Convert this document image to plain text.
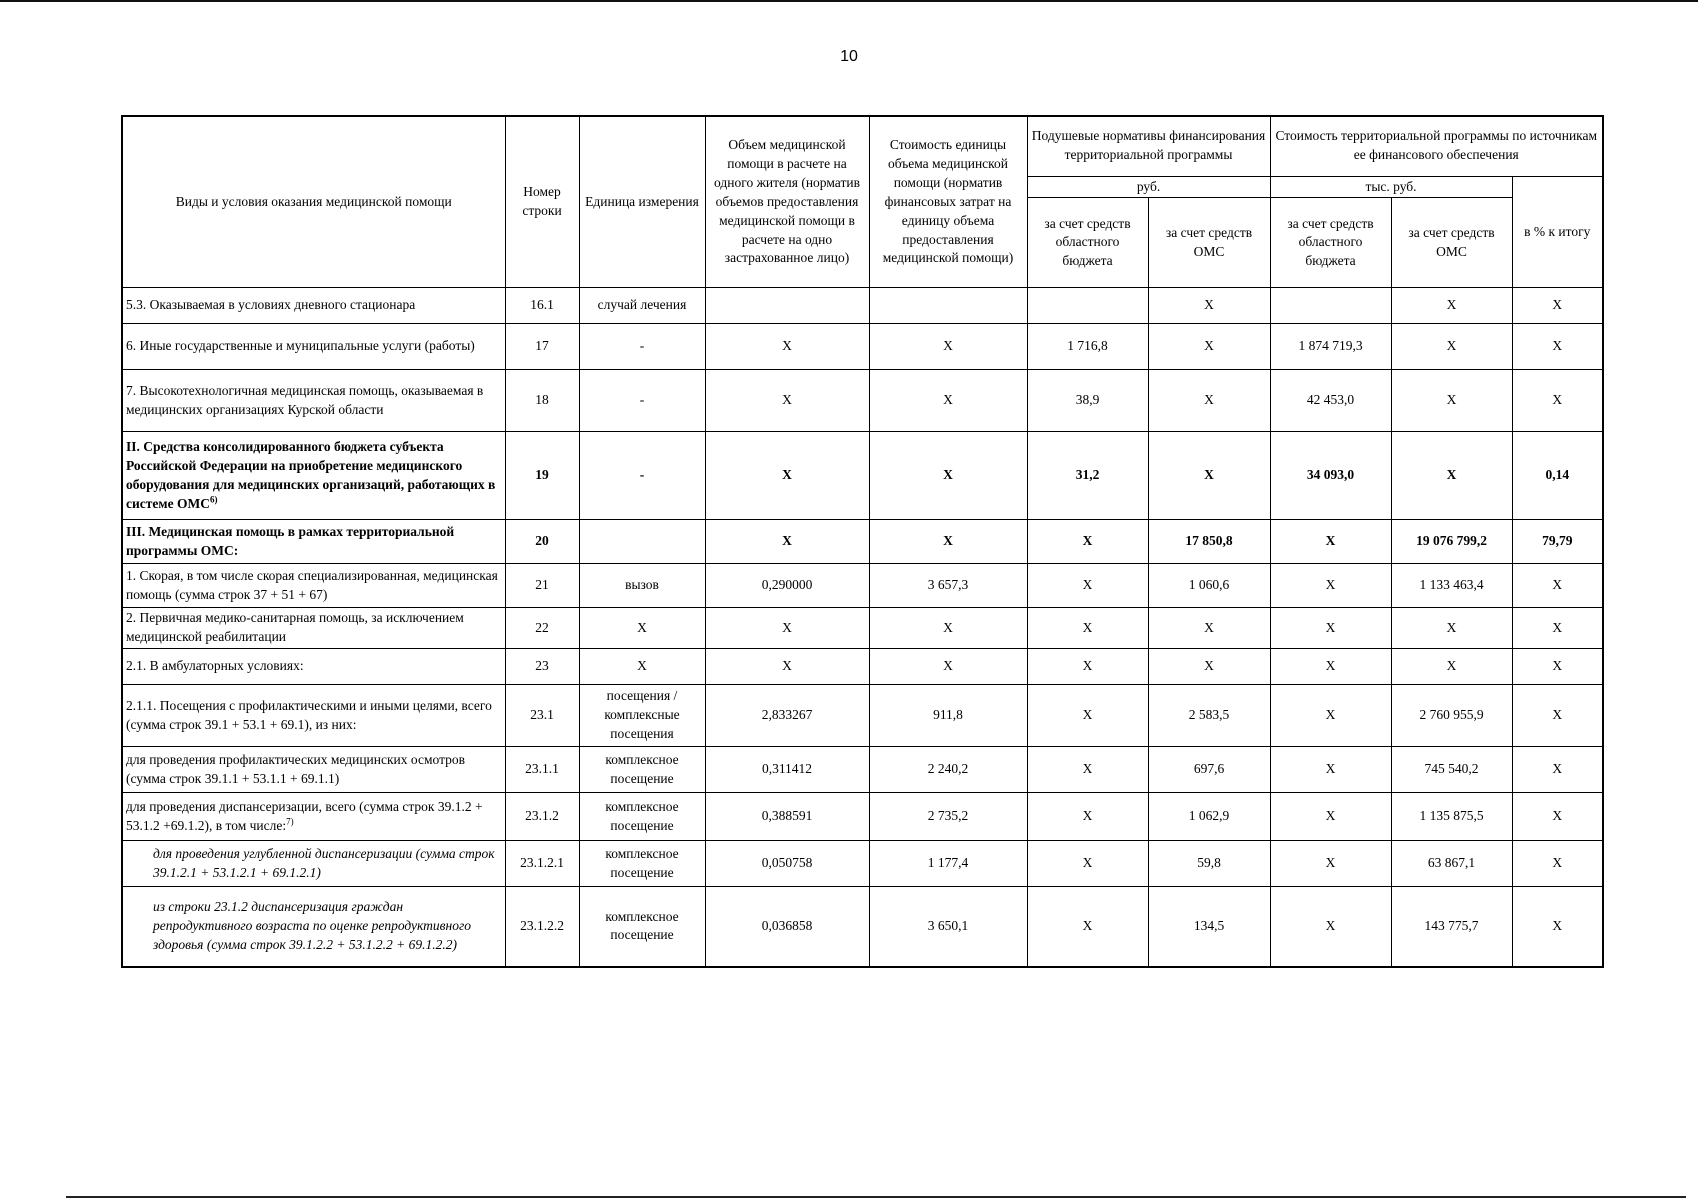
10
Виды и условия оказания медицинской помощи	Номер строки	Единица измерения	Объем медицинской помощи в расчете на одного жителя (норматив объемов предоставления медицинской помощи в расчете на одно застрахованное лицо)	Стоимость единицы объема медицинской помощи (норматив финансовых затрат на единицу объема предоставления медицинской помощи)	Подушевые нормативы финансирования территориальной программы		Стоимость территориальной программы по источникам ее финансового обеспечения		
					руб.		тыс. руб.		в % к итогу
					за счет средств областного бюджета	за счет средств ОМС	за счет средств областного бюджета	за счет средств ОМС	
5.3. Оказываемая в условиях дневного стационара	16.1	случай лечения				X		X	X
6. Иные государственные и муниципальные услуги (работы)	17	-	X	X	1 716,8	X	1 874 719,3	X	X
7. Высокотехнологичная медицинская помощь, оказываемая в медицинских организациях Курской области	18	-	X	X	38,9	X	42 453,0	X	X
II. Средства консолидированного бюджета субъекта Российской Федерации на приобретение медицинского оборудования для медицинских организаций, работающих в системе ОМС$^{6)}$	19	-	X	X	31,2	X	34 093,0	X	0,14
III. Медицинская помощь в рамках территориальной программы ОМС:	20		X	X	X	17 850,8	X	19 076 799,2	79,79
1. Скорая, в том числе скорая специализированная, медицинская помощь (сумма строк 37 + 51 + 67)	21	вызов	0,290000	3 657,3	X	1 060,6	X	1 133 463,4	X
2. Первичная медико-санитарная помощь, за исключением медицинской реабилитации	22	X	X	X	X	X	X	X	X
2.1. В амбулаторных условиях:	23	X	X	X	X	X	X	X	X
2.1.1. Посещения с профилактическими и иными целями, всего (сумма строк 39.1 + 53.1 + 69.1), из них:	23.1	посещения / комплексные посещения	2,833267	911,8	X	2 583,5	X	2 760 955,9	X
для проведения профилактических медицинских осмотров (сумма строк 39.1.1 + 53.1.1 + 69.1.1)	23.1.1	комплексное посещение	0,311412	2 240,2	X	697,6	X	745 540,2	X
для проведения диспансеризации, всего (сумма строк 39.1.2 + 53.1.2 +69.1.2), в том числе:$^{7)}$	23.1.2	комплексное посещение	0,388591	2 735,2	X	1 062,9	X	1 135 875,5	X
для проведения углубленной диспансеризации (сумма строк 39.1.2.1 + 53.1.2.1 + 69.1.2.1)	23.1.2.1	комплексное посещение	0,050758	1 177,4	X	59,8	X	63 867,1	X
из строки 23.1.2 диспансеризация граждан репродуктивного возраста по оценке репродуктивного здоровья (сумма строк 39.1.2.2 + 53.1.2.2 + 69.1.2.2)	23.1.2.2	комплексное посещение	0,036858	3 650,1	X	134,5	X	143 775,7	X
